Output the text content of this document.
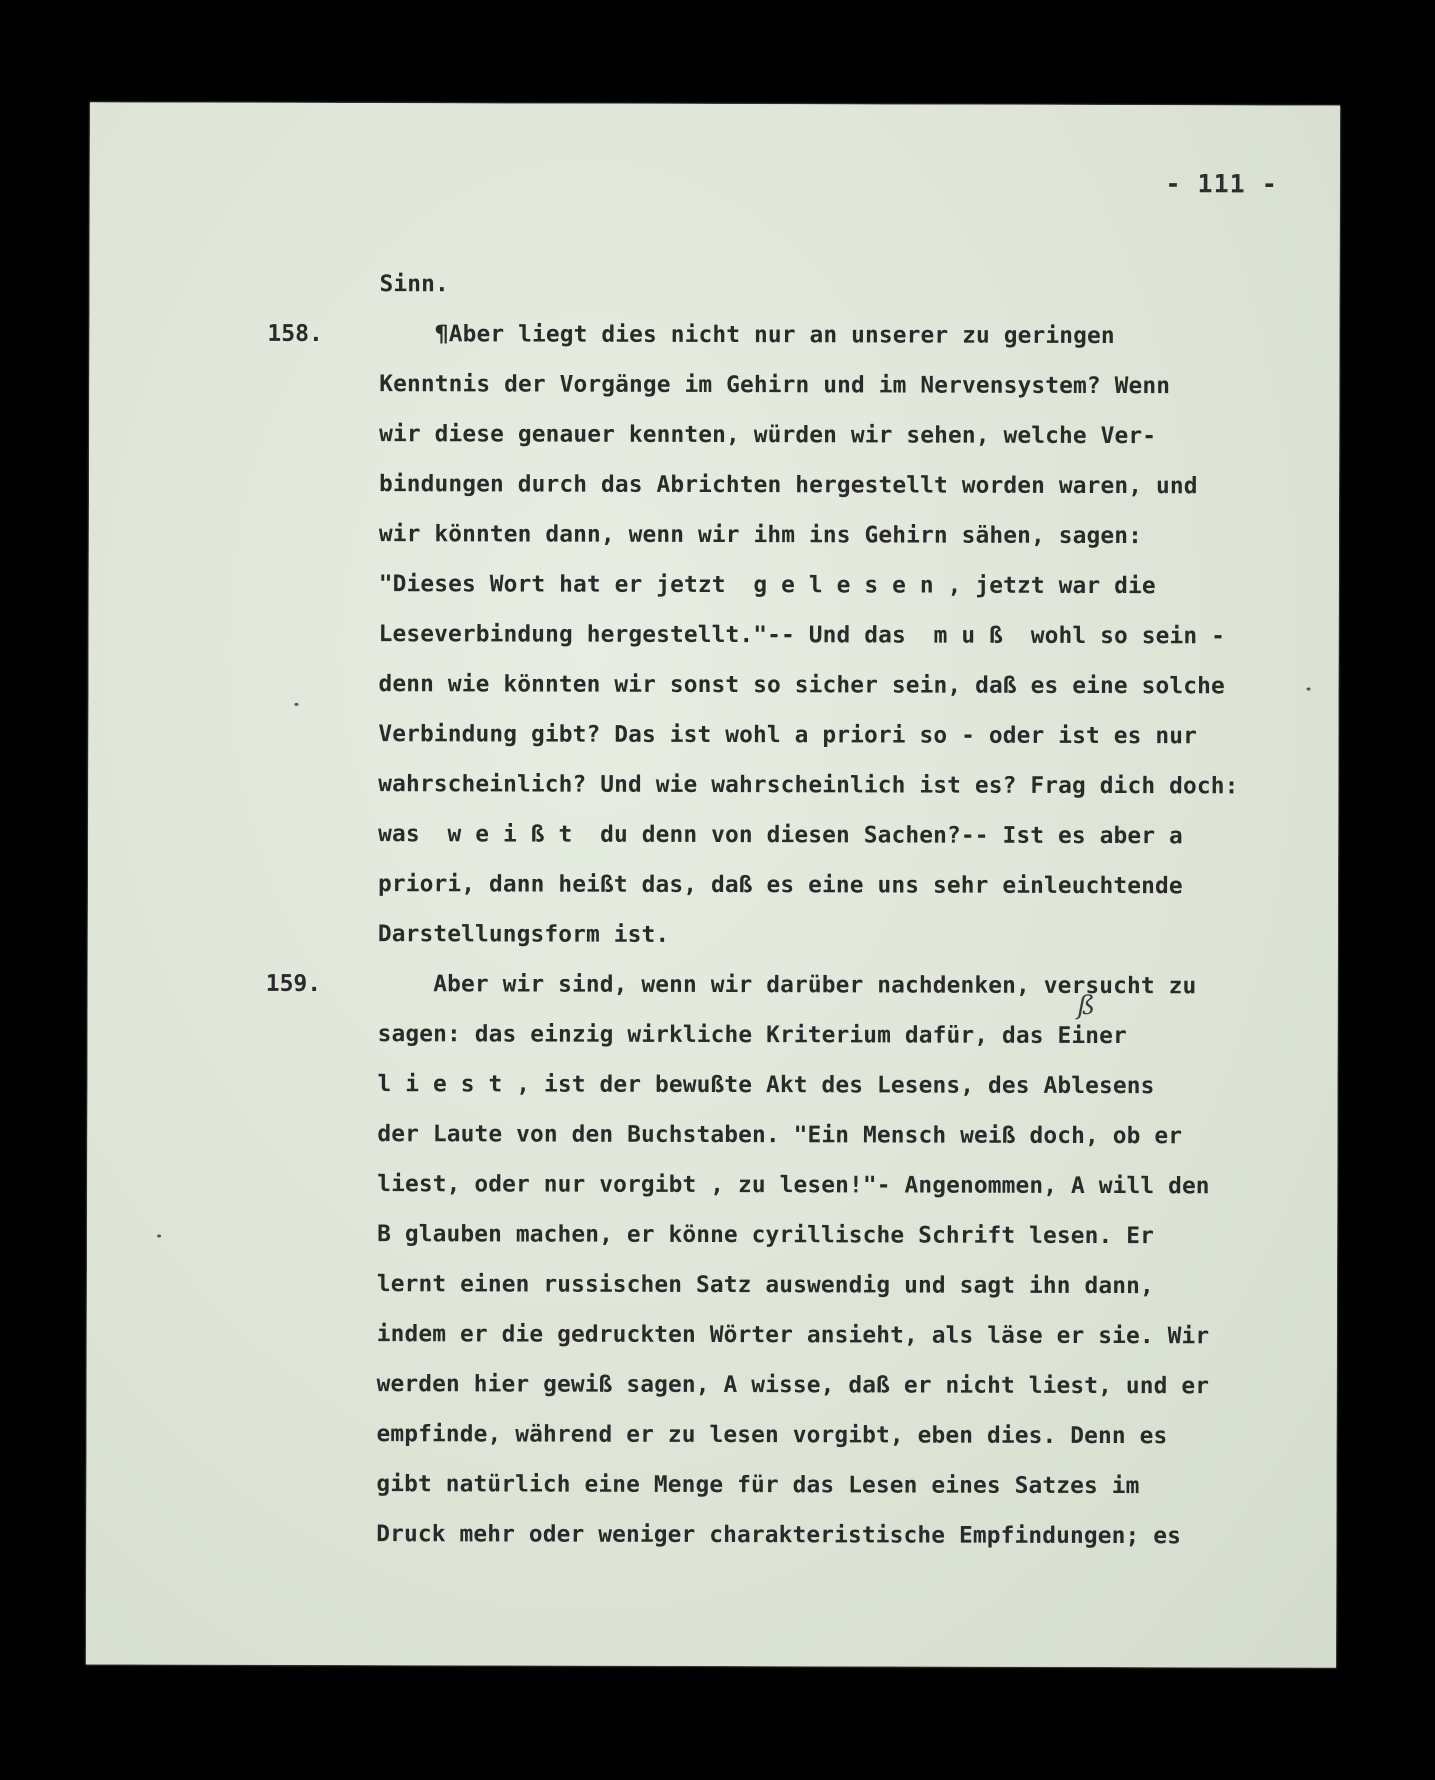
- 111 -
Sinn.
158. ¶Aber liegt dies nicht nur an unserer zu geringen
Kenntnis der Vorgänge im Gehirn und im Nervensystem? Wenn
wir diese genauer kennten, würden wir sehen, welche Ver-
bindungen durch das Abrichten hergestellt worden waren, und
wir könnten dann, wenn wir ihm ins Gehirn sähen, sagen:
"Dieses Wort hat er jetzt  g e l e s e n , jetzt war die
Leseverbindung hergestellt."-- Und das  m u ß  wohl so sein -
denn wie könnten wir sonst so sicher sein, daß es eine solche
Verbindung gibt? Das ist wohl a priori so - oder ist es nur
wahrscheinlich? Und wie wahrscheinlich ist es? Frag dich doch:
was  w e i ß t  du denn von diesen Sachen?-- Ist es aber a
priori, dann heißt das, daß es eine uns sehr einleuchtende
Darstellungsform ist.
159. Aber wir sind, wenn wir darüber nachdenken, versucht zu
ß
sagen: das einzig wirkliche Kriterium dafür, das Einer
l i e s t , ist der bewußte Akt des Lesens, des Ablesens
der Laute von den Buchstaben. "Ein Mensch weiß doch, ob er
liest, oder nur vorgibt , zu lesen!"- Angenommen, A will den
B glauben machen, er könne cyrillische Schrift lesen. Er
lernt einen russischen Satz auswendig und sagt ihn dann,
indem er die gedruckten Wörter ansieht, als läse er sie. Wir
werden hier gewiß sagen, A wisse, daß er nicht liest, und er
empfinde, während er zu lesen vorgibt, eben dies. Denn es
gibt natürlich eine Menge für das Lesen eines Satzes im
Druck mehr oder weniger charakteristische Empfindungen; es
